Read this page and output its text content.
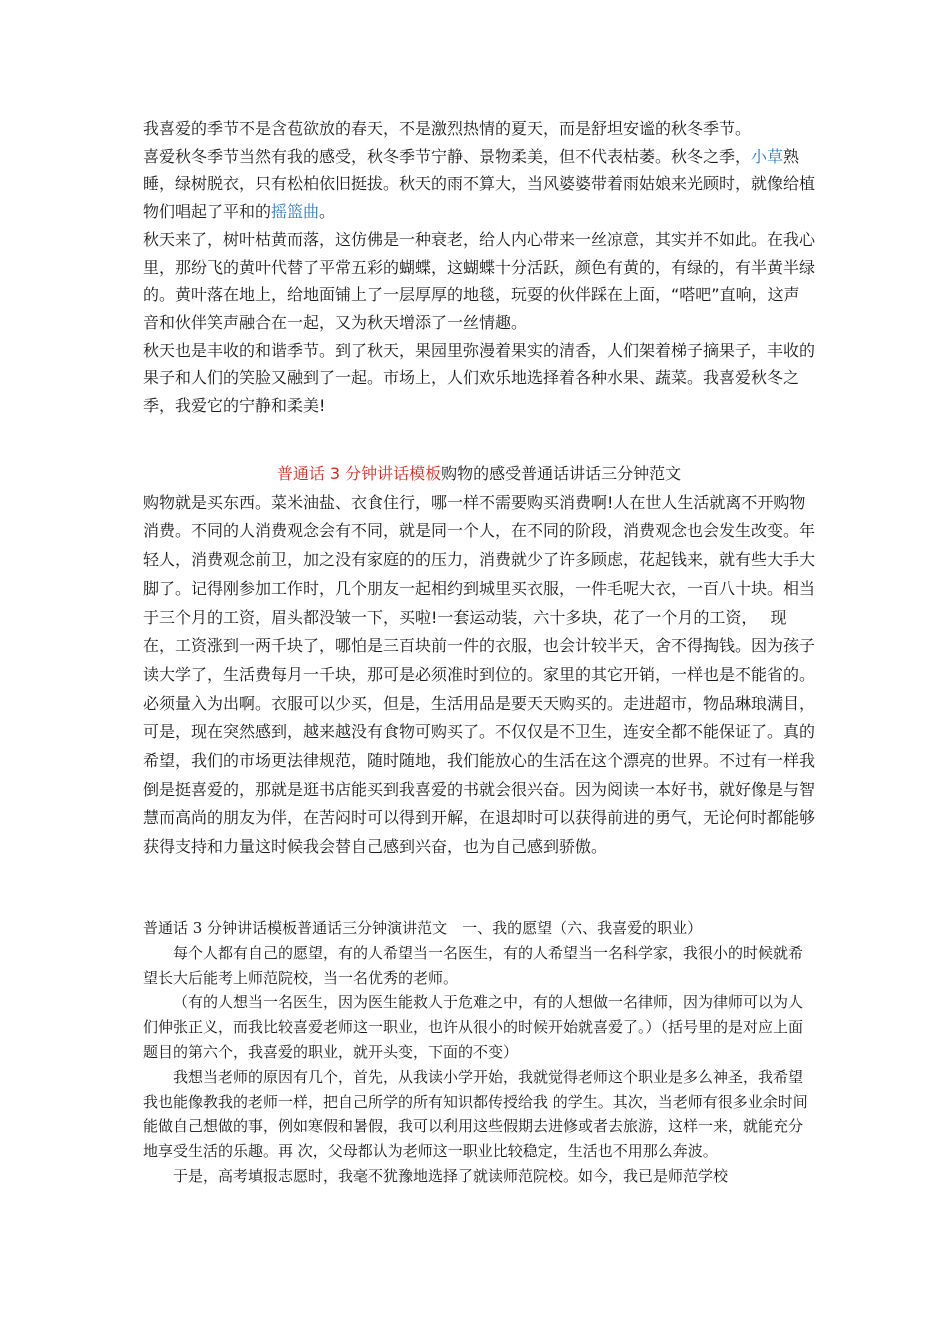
我喜爱的季节不是含苞欲放的春天，不是激烈热情的夏天，而是舒坦安谧的秋冬季节。

喜爱秋冬季节当然有我的感受，秋冬季节宁静、景物柔美，但不代表枯萎。秋冬之季，小草熟睡，绿树脱衣，只有松柏依旧挺拔。秋天的雨不算大，当风婆婆带着雨姑娘来光顾时，就像给植物们唱起了平和的摇篮曲。

秋天来了，树叶枯黄而落，这仿佛是一种衰老，给人内心带来一丝凉意，其实并不如此。在我心里，那纷飞的黄叶代替了平常五彩的蝴蝶，这蝴蝶十分活跃，颜色有黄的，有绿的，有半黄半绿的。黄叶落在地上，给地面铺上了一层厚厚的地毯，玩耍的伙伴踩在上面，“嗒吧”直响，这声音和伙伴笑声融合在一起，又为秋天增添了一丝情趣。

秋天也是丰收的和谐季节。到了秋天，果园里弥漫着果实的清香，人们架着梯子摘果子，丰收的果子和人们的笑脸又融到了一起。市场上，人们欢乐地选择着各种水果、蔬菜。我喜爱秋冬之季，我爱它的宁静和柔美!

普通话 3 分钟讲话模板购物的感受普通话讲话三分钟范文

购物就是买东西。菜米油盐、衣食住行，哪一样不需要购买消费啊!人在世人生活就离不开购物消费。不同的人消费观念会有不同，就是同一个人，在不同的阶段，消费观念也会发生改变。年轻人，消费观念前卫，加之没有家庭的的压力，消费就少了许多顾虑，花起钱来，就有些大手大脚了。记得刚参加工作时，几个朋友一起相约到城里买衣服，一件毛呢大衣，一百八十块。相当于三个月的工资，眉头都没皱一下，买啦!一套运动装，六十多块，花了一个月的工资，　 现在，工资涨到一两千块了，哪怕是三百块前一件的衣服，也会计较半天，舍不得掏钱。因为孩子读大学了，生活费每月一千块，那可是必须准时到位的。家里的其它开销，一样也是不能省的。必须量入为出啊。衣服可以少买，但是，生活用品是要天天购买的。走进超市，物品琳琅满目，可是，现在突然感到，越来越没有食物可购买了。不仅仅是不卫生，连安全都不能保证了。真的希望，我们的市场更法律规范，随时随地，我们能放心的生活在这个漂亮的世界。不过有一样我倒是挺喜爱的，那就是逛书店能买到我喜爱的书就会很兴奋。因为阅读一本好书，就好像是与智慧而高尚的朋友为伴，在苦闷时可以得到开解，在退却时可以获得前进的勇气，无论何时都能够获得支持和力量这时候我会替自己感到兴奋，也为自己感到骄傲。

普通话 3 分钟讲话模板普通话三分钟演讲范文　一、我的愿望（六、我喜爱的职业）

每个人都有自己的愿望，有的人希望当一名医生，有的人希望当一名科学家，我很小的时候就希望长大后能考上师范院校，当一名优秀的老师。

（有的人想当一名医生，因为医生能救人于危难之中，有的人想做一名律师，因为律师可以为人们伸张正义，而我比较喜爱老师这一职业，也许从很小的时候开始就喜爱了。）（括号里的是对应上面题目的第六个，我喜爱的职业，就开头变，下面的不变）

我想当老师的原因有几个，首先，从我读小学开始，我就觉得老师这个职业是多么神圣，我希望我也能像教我的老师一样，把自己所学的所有知识都传授给我 的学生。其次，当老师有很多业余时间能做自己想做的事，例如寒假和暑假，我可以利用这些假期去进修或者去旅游，这样一来，就能充分地享受生活的乐趣。再 次，父母都认为老师这一职业比较稳定，生活也不用那么奔波。

于是，高考填报志愿时，我毫不犹豫地选择了就读师范院校。如今，我已是师范学校
